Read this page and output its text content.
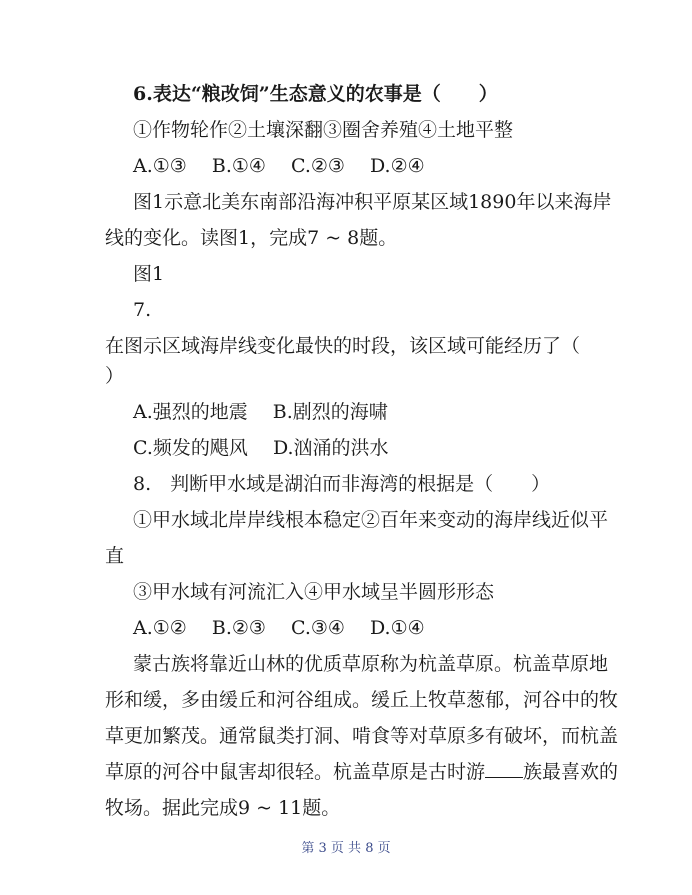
6.表达“粮改饲”生态意义的农事是（　　）
①作物轮作②土壤深翻③圈舍养殖④土地平整
A.①③　 B.①④　 C.②③　 D.②④
图1示意北美东南部沿海冲积平原某区域1890年以来海岸
线的变化。读图1，完成7 ~ 8题。
图1
7.
在图示区域海岸线变化最快的时段，该区域可能经历了（
）
A.强烈的地震　 B.剧烈的海啸
C.频发的飓风　 D.汹涌的洪水
8.　判断甲水域是湖泊而非海湾的根据是（　　）
①甲水域北岸岸线根本稳定②百年来变动的海岸线近似平
直
③甲水域有河流汇入④甲水域呈半圆形形态
A.①②　 B.②③　 C.③④　 D.①④
蒙古族将靠近山林的优质草原称为杭盖草原。杭盖草原地
形和缓，多由缓丘和河谷组成。缓丘上牧草葱郁，河谷中的牧
草更加繁茂。通常鼠类打洞、啃食等对草原多有破坏，而杭盖
草原的河谷中鼠害却很轻。杭盖草原是古时游 族最喜欢的
牧场。据此完成9 ~ 11题。
第 3 页 共 8 页
